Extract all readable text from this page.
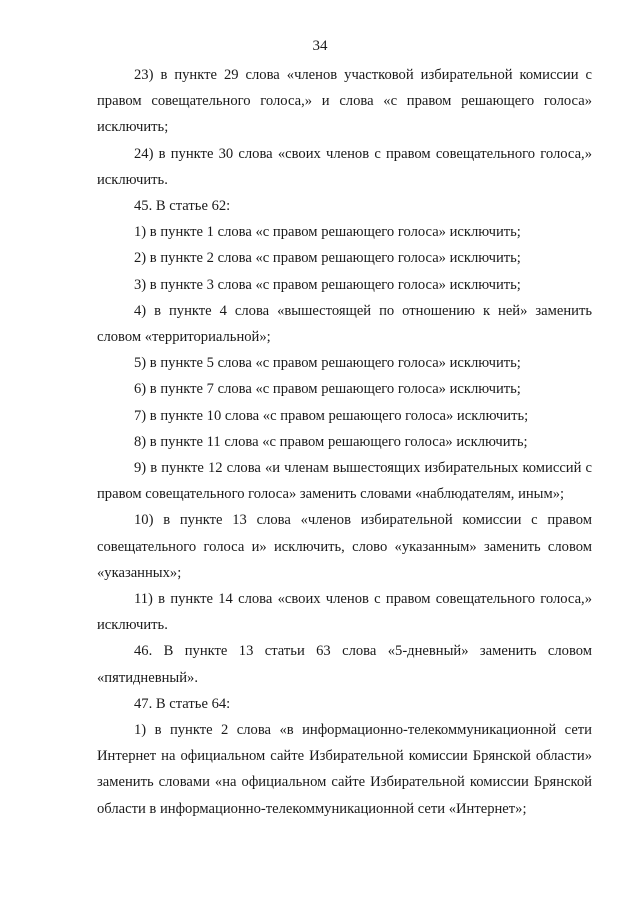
34

23) в пункте 29 слова «членов участковой избирательной комиссии с правом совещательного голоса,» и слова «с правом решающего голоса» исключить;

24) в пункте 30 слова «своих членов с правом совещательного голоса,» исключить.

45. В статье 62:

1) в пункте 1 слова «с правом решающего голоса» исключить;

2) в пункте 2 слова «с правом решающего голоса» исключить;

3) в пункте 3 слова «с правом решающего голоса» исключить;

4) в пункте 4 слова «вышестоящей по отношению к ней» заменить словом «территориальной»;

5) в пункте 5 слова «с правом решающего голоса» исключить;

6) в пункте 7 слова «с правом решающего голоса» исключить;

7) в пункте 10 слова «с правом решающего голоса» исключить;

8) в пункте 11 слова «с правом решающего голоса» исключить;

9) в пункте 12 слова «и членам вышестоящих избирательных комиссий с правом совещательного голоса» заменить словами «наблюдателям, иным»;

10) в пункте 13 слова «членов избирательной комиссии с правом совещательного голоса и» исключить, слово «указанным» заменить словом «указанных»;

11) в пункте 14 слова «своих членов с правом совещательного голоса,» исключить.

46. В пункте 13 статьи 63 слова «5-дневный» заменить словом «пятидневный».

47. В статье 64:

1) в пункте 2 слова «в информационно-телекоммуникационной сети Интернет на официальном сайте Избирательной комиссии Брянской области» заменить словами «на официальном сайте Избирательной комиссии Брянской области в информационно-телекоммуникационной сети «Интернет»;
